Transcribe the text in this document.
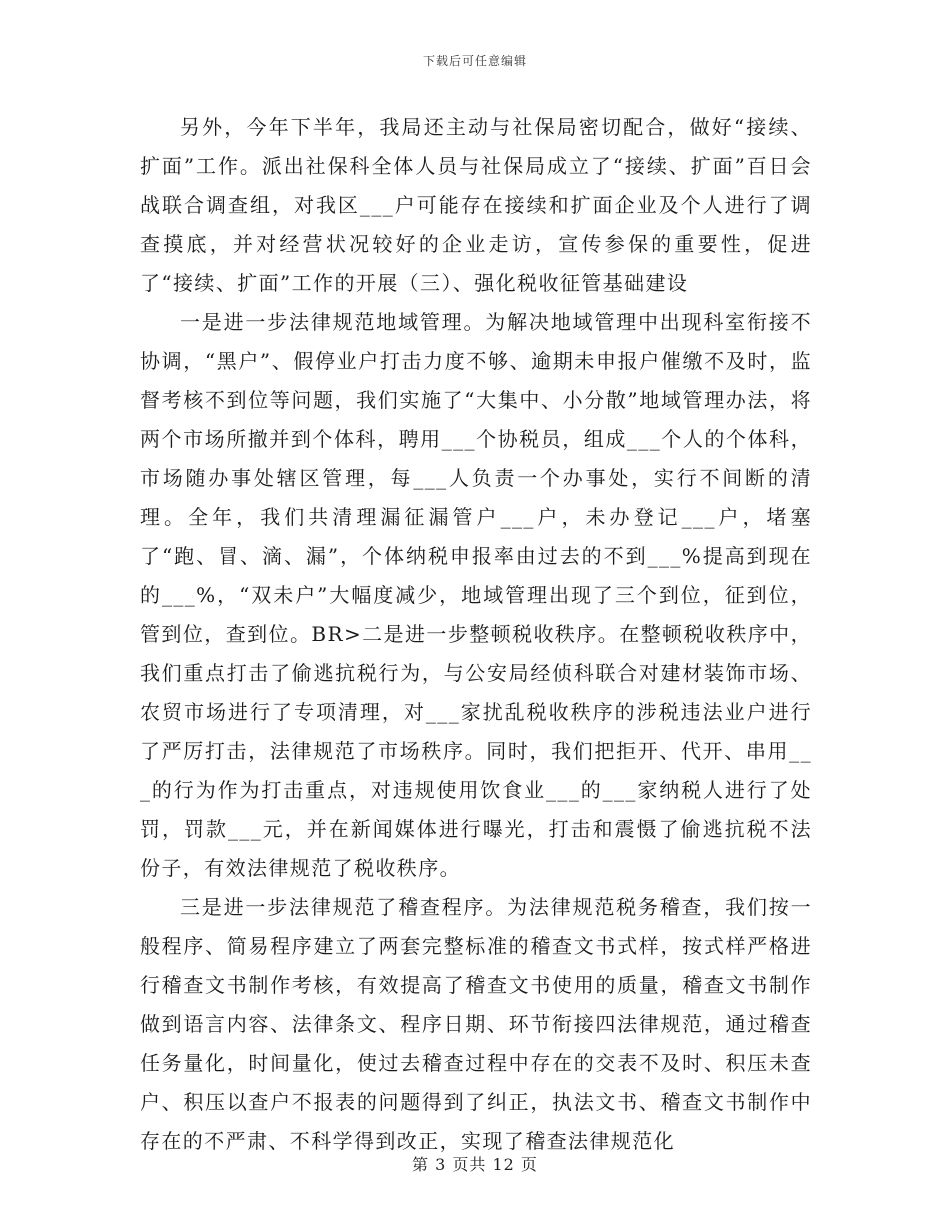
下载后可任意编辑

另外，今年下半年，我局还主动与社保局密切配合，做好“接续、扩面”工作。派出社保科全体人员与社保局成立了“接续、扩面”百日会战联合调查组，对我区___户可能存在接续和扩面企业及个人进行了调查摸底，并对经营状况较好的企业走访，宣传参保的重要性，促进了“接续、扩面”工作的开展（三）、强化税收征管基础建设

一是进一步法律规范地域管理。为解决地域管理中出现科室衔接不协调，“黑户”、假停业户打击力度不够、逾期未申报户催缴不及时，监督考核不到位等问题，我们实施了“大集中、小分散”地域管理办法，将两个市场所撤并到个体科，聘用___个协税员，组成___个人的个体科，市场随办事处辖区管理，每___人负责一个办事处，实行不间断的清理。全年，我们共清理漏征漏管户___户，未办登记___户，堵塞了“跑、冒、滴、漏”，个体纳税申报率由过去的不到___%提高到现在的___%，“双未户”大幅度减少，地域管理出现了三个到位，征到位，管到位，查到位。BR>二是进一步整顿税收秩序。在整顿税收秩序中，我们重点打击了偷逃抗税行为，与公安局经侦科联合对建材装饰市场、农贸市场进行了专项清理，对___家扰乱税收秩序的涉税违法业户进行了严厉打击，法律规范了市场秩序。同时，我们把拒开、代开、串用___的行为作为打击重点，对违规使用饮食业___的___家纳税人进行了处罚，罚款___元，并在新闻媒体进行曝光，打击和震慑了偷逃抗税不法份子，有效法律规范了税收秩序。

三是进一步法律规范了稽查程序。为法律规范税务稽查，我们按一般程序、简易程序建立了两套完整标准的稽查文书式样，按式样严格进行稽查文书制作考核，有效提高了稽查文书使用的质量，稽查文书制作做到语言内容、法律条文、程序日期、环节衔接四法律规范，通过稽查任务量化，时间量化，使过去稽查过程中存在的交表不及时、积压未查户、积压以查户不报表的问题得到了纠正，执法文书、稽查文书制作中存在的不严肃、不科学得到改正，实现了稽查法律规范化

第 3 页共 12 页
